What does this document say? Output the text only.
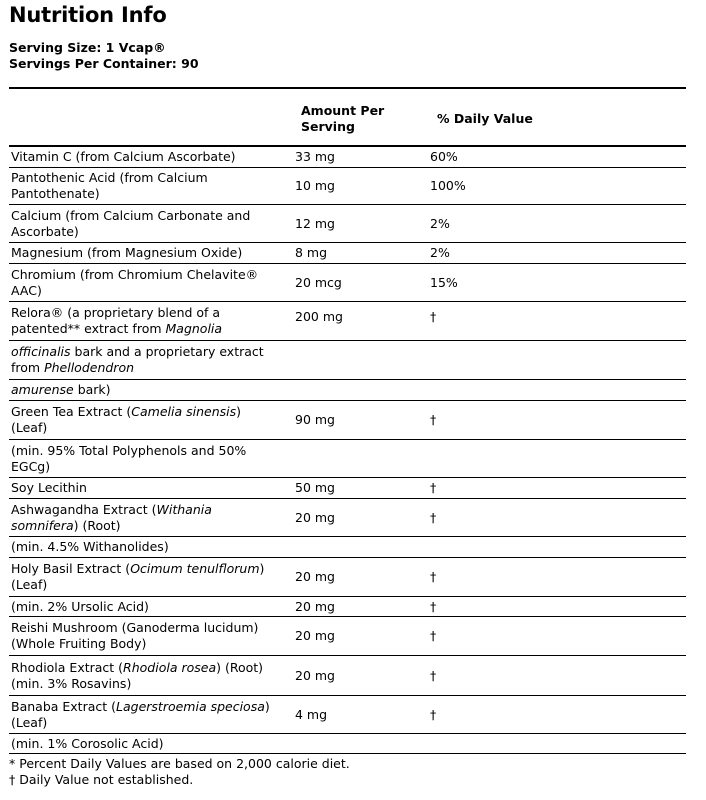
Nutrition Info
Serving Size: 1 Vcap®
Servings Per Container: 90
Amount Per
Serving
% Daily Value
Vitamin C (from Calcium Ascorbate)	33 mg	60%
Pantothenic Acid (from Calcium
Pantothenate)
10 mg	100%
Calcium (from Calcium Carbonate and
Ascorbate)
12 mg	2%
Magnesium (from Magnesium Oxide)	8 mg	2%
Chromium (from Chromium Chelavite®
AAC)
20 mcg	15%
Relora® (a proprietary blend of a
patented** extract from Magnolia
200 mg	†
officinalis bark and a proprietary extract
from Phellodendron
amurense bark)
Green Tea Extract (Camelia sinensis)
(Leaf)
90 mg	†
(min. 95% Total Polyphenols and 50%
EGCg)
Soy Lecithin	50 mg	†
Ashwagandha Extract (Withania
somnifera) (Root)
20 mg	†
(min. 4.5% Withanolides)
Holy Basil Extract (Ocimum tenulflorum)
(Leaf)
20 mg	†
(min. 2% Ursolic Acid)	20 mg	†
Reishi Mushroom (Ganoderma lucidum)
(Whole Fruiting Body)
20 mg	†
Rhodiola Extract (Rhodiola rosea) (Root)
(min. 3% Rosavins)
20 mg	†
Banaba Extract (Lagerstroemia speciosa)
(Leaf)
4 mg	†
(min. 1% Corosolic Acid)
* Percent Daily Values are based on 2,000 calorie diet.
† Daily Value not established.
